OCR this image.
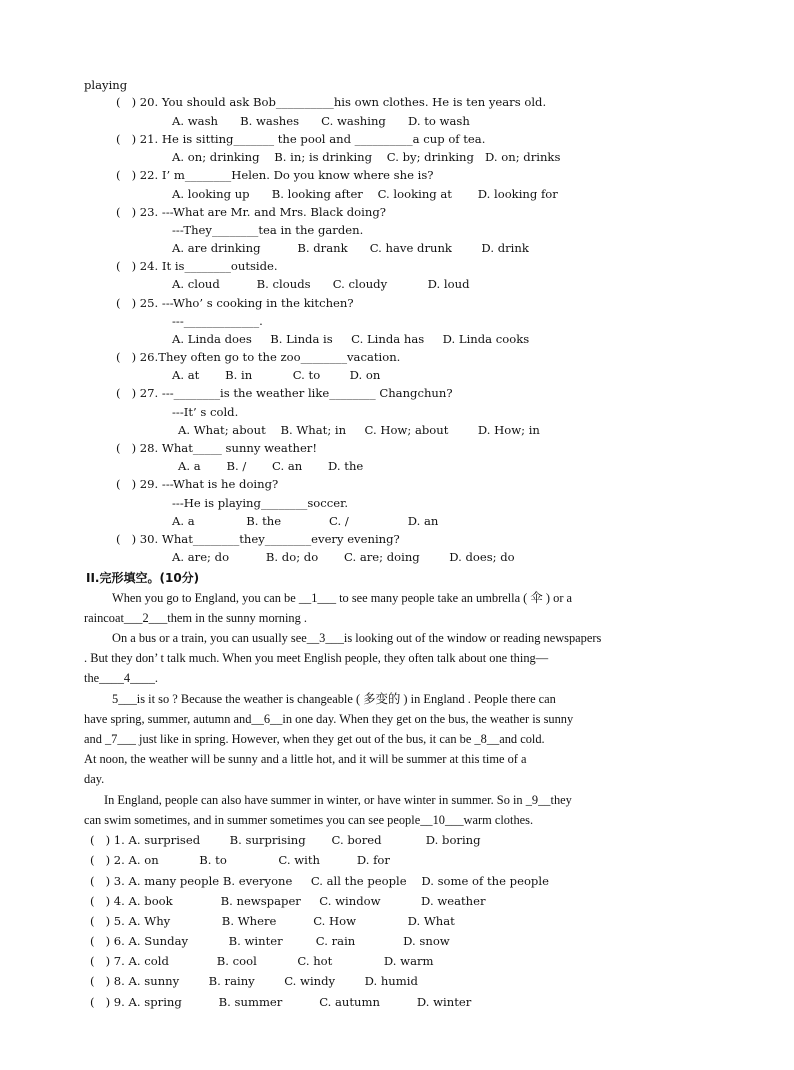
playing
(   ) 20. You should ask Bob__________his own clothes. He is ten years old.
A. wash      B. washes      C. washing      D. to wash
(   ) 21. He is sitting_______ the pool and __________a cup of tea.
A. on; drinking    B. in; is drinking    C. by; drinking   D. on; drinks
(   ) 22. I’ m________Helen. Do you know where she is?
A. looking up      B. looking after    C. looking at       D. looking for
(   ) 23. ---What are Mr. and Mrs. Black doing?
---They________tea in the garden.
A. are drinking          B. drank      C. have drunk        D. drink
(   ) 24. It is________outside.
A. cloud          B. clouds      C. cloudy           D. loud
(   ) 25. ---Who’ s cooking in the kitchen?
---_____________.
A. Linda does     B. Linda is     C. Linda has     D. Linda cooks
(   ) 26.They often go to the zoo________vacation.
A. at       B. in           C. to        D. on
(   ) 27. ---________is the weather like________ Changchun?
---It’ s cold.
A. What; about    B. What; in     C. How; about        D. How; in
(   ) 28. What_____ sunny weather!
A. a       B. /       C. an       D. the
(   ) 29. ---What is he doing?
---He is playing________soccer.
A. a              B. the             C. /                D. an
(   ) 30. What________they________every evening?
A. are; do          B. do; do       C. are; doing        D. does; do
II.完形填空。(10分)
When you go to England, you can be __1___ to see many people take an umbrella ( 伞 ) or a
raincoat___2___them in the sunny morning .
On a bus or a train, you can usually see__3___is looking out of the window or reading newspapers
. But they don’ t talk much. When you meet English people, they often talk about one thing—
the____4____.
5___is it so ? Because the weather is changeable ( 多变的 ) in England . People there can
have spring, summer, autumn and__6__in one day. When they get on the bus, the weather is sunny
and _7___ just like in spring. However, when they get out of the bus, it can be _8__and cold.
At noon, the weather will be sunny and a little hot, and it will be summer at this time of a
day.
In England, people can also have summer in winter, or have winter in summer. So in _9__they
can swim sometimes, and in summer sometimes you can see people__10___warm clothes.
(   ) 1. A. surprised        B. surprising       C. bored            D. boring
(   ) 2. A. on           B. to              C. with          D. for
(   ) 3. A. many people B. everyone     C. all the people    D. some of the people
(   ) 4. A. book             B. newspaper     C. window           D. weather
(   ) 5. A. Why              B. Where          C. How              D. What
(   ) 6. A. Sunday           B. winter         C. rain             D. snow
(   ) 7. A. cold             B. cool           C. hot              D. warm
(   ) 8. A. sunny        B. rainy        C. windy        D. humid
(   ) 9. A. spring          B. summer          C. autumn          D. winter
